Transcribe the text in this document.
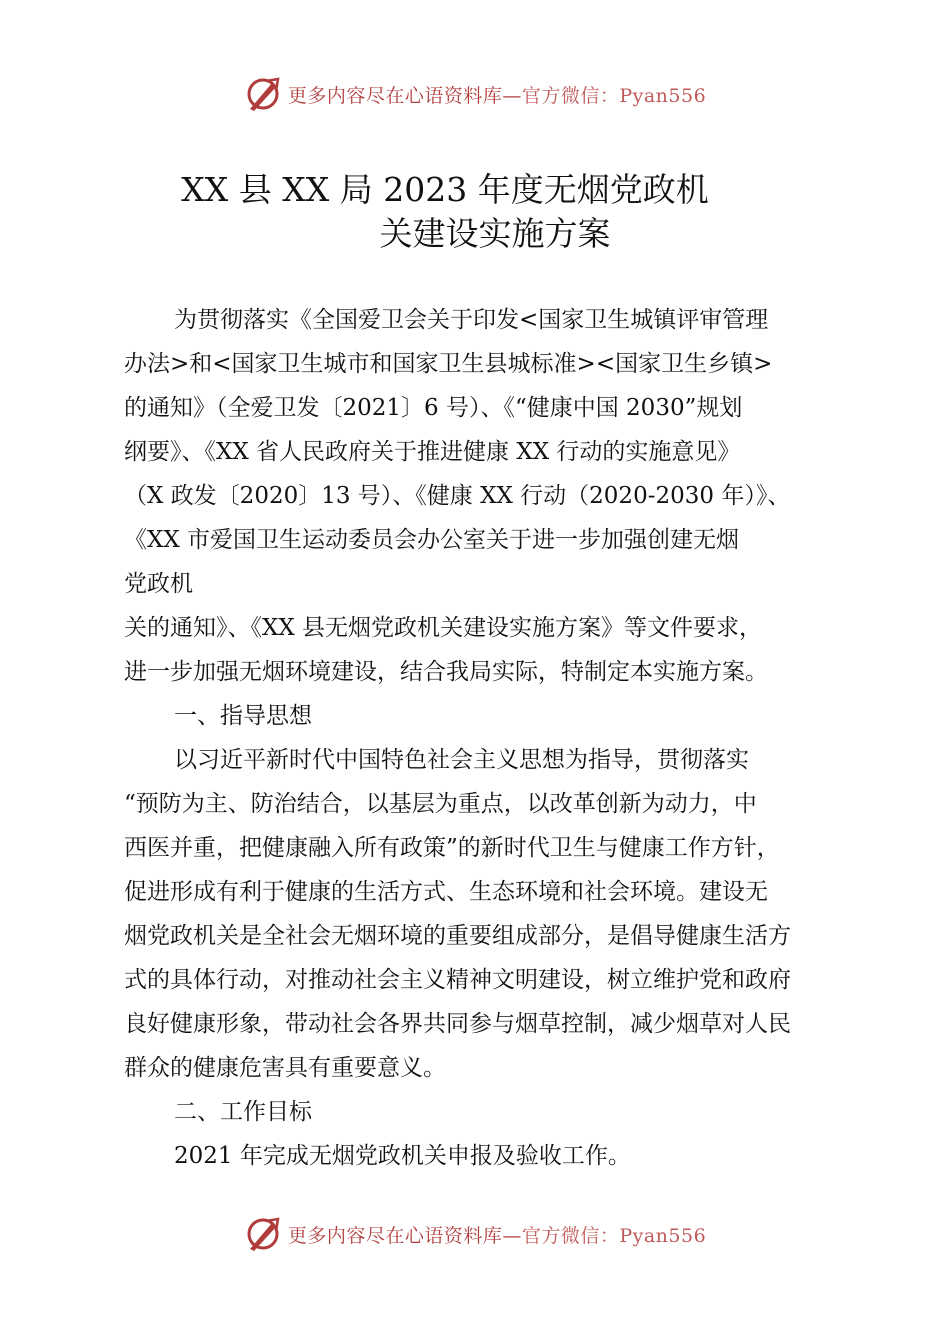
更多内容尽在心语资料库— 官方微信：Pyan556
XX 县 XX 局 2023 年度无烟党政机
关建设实施方案

为贯彻落实《全国爱卫会关于印发<国家卫生城镇评审管理

办法>和<国家卫生城市和国家卫生县城标准><国家卫生乡镇>

的通知》（全爱卫发〔2021〕6 号）、《“健康中国 2030”规划

纲要》、《XX 省人民政府关于推进健康 XX 行动的实施意见》

（X 政发〔2020〕13 号）、《健康 XX 行动（2020-2030 年）》、

《XX 市爱国卫生运动委员会办公室关于进一步加强创建无烟

党政机

关的通知》、《XX 县无烟党政机关建设实施方案》等文件要求，

进一步加强无烟环境建设，结合我局实际，特制定本实施方案。

一、指导思想

以习近平新时代中国特色社会主义思想为指导，贯彻落实

“预防为主、防治结合，以基层为重点，以改革创新为动力，中

西医并重，把健康融入所有政策”的新时代卫生与健康工作方针，

促进形成有利于健康的生活方式、生态环境和社会环境。建设无

烟党政机关是全社会无烟环境的重要组成部分，是倡导健康生活方

式的具体行动，对推动社会主义精神文明建设，树立维护党和政府

良好健康形象，带动社会各界共同参与烟草控制，减少烟草对人民

群众的健康危害具有重要意义。

二、工作目标

2021 年完成无烟党政机关申报及验收工作。

更多内容尽在心语资料库— 官方微信：Pyan556
